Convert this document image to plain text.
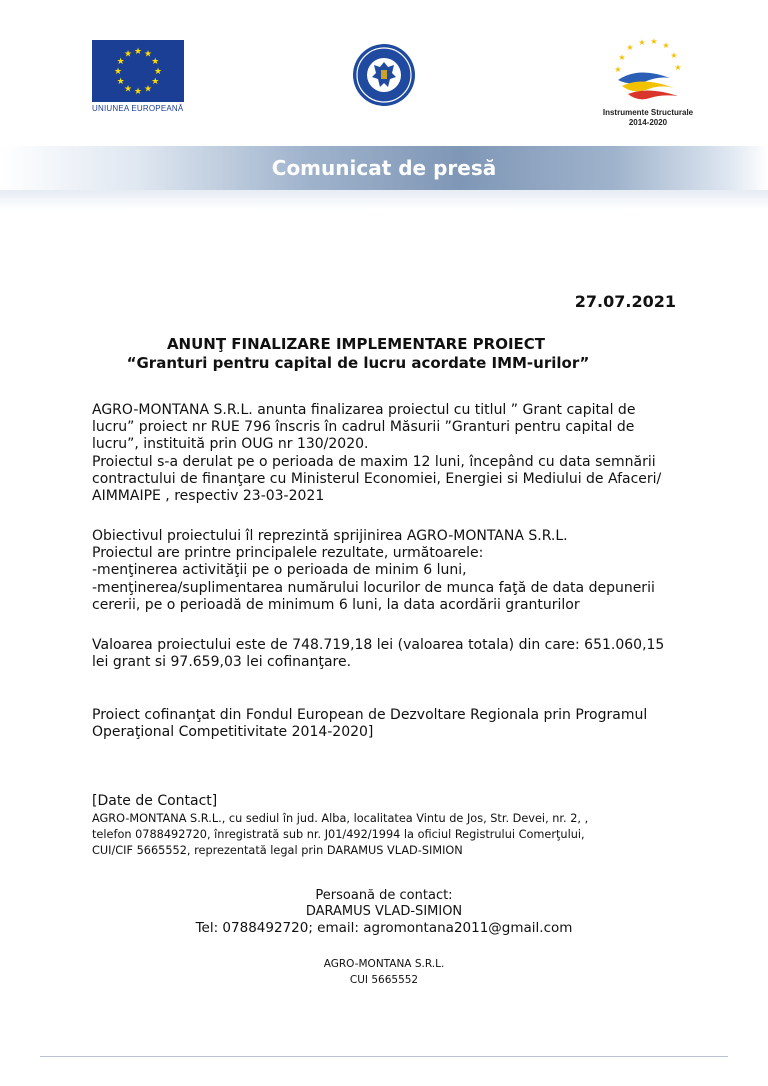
★ ★
★
★
★
★
★
★
★
★
★
★
UNIUNEA EUROPEANĂ
★
★ ★ ★
★
★
★
★
Instrumente Structurale
2014-2020
Comunicat de presă
27.07.2021
ANUNŢ FINALIZARE IMPLEMENTARE PROIECT
“Granturi pentru capital de lucru acordate IMM-urilor”
AGRO-MONTANA S.R.L. anunta finalizarea proiectul cu titlul ” Grant capital de
lucru” proiect nr RUE 796 înscris în cadrul Măsurii ”Granturi pentru capital de
lucru”, instituită prin OUG nr 130/2020.
Proiectul s-a derulat pe o perioada de maxim 12 luni, începând cu data semnării
contractului de finanţare cu Ministerul Economiei, Energiei si Mediului de Afaceri/
AIMMAIPE , respectiv 23-03-2021
Obiectivul proiectului îl reprezintă sprijinirea AGRO-MONTANA S.R.L.
Proiectul are printre principalele rezultate, următoarele:
-menţinerea activităţii pe o perioada de minim 6 luni,
-menţinerea/suplimentarea numărului locurilor de munca faţă de data depunerii
cererii, pe o perioadă de minimum 6 luni, la data acordării granturilor
Valoarea proiectului este de 748.719,18 lei (valoarea totala) din care: 651.060,15
lei grant si 97.659,03 lei cofinanţare.
Proiect cofinanţat din Fondul European de Dezvoltare Regionala prin Programul
Operaţional Competitivitate 2014-2020]
[Date de Contact]
AGRO-MONTANA S.R.L., cu sediul în jud. Alba, localitatea Vintu de Jos, Str. Devei, nr. 2, ,
telefon 0788492720, înregistrată sub nr. J01/492/1994 la oficiul Registrului Comerţului,
CUI/CIF 5665552, reprezentată legal prin DARAMUS VLAD-SIMION
Persoană de contact:
DARAMUS VLAD-SIMION
Tel: 0788492720; email: agromontana2011@gmail.com
AGRO-MONTANA S.R.L.
CUI 5665552
